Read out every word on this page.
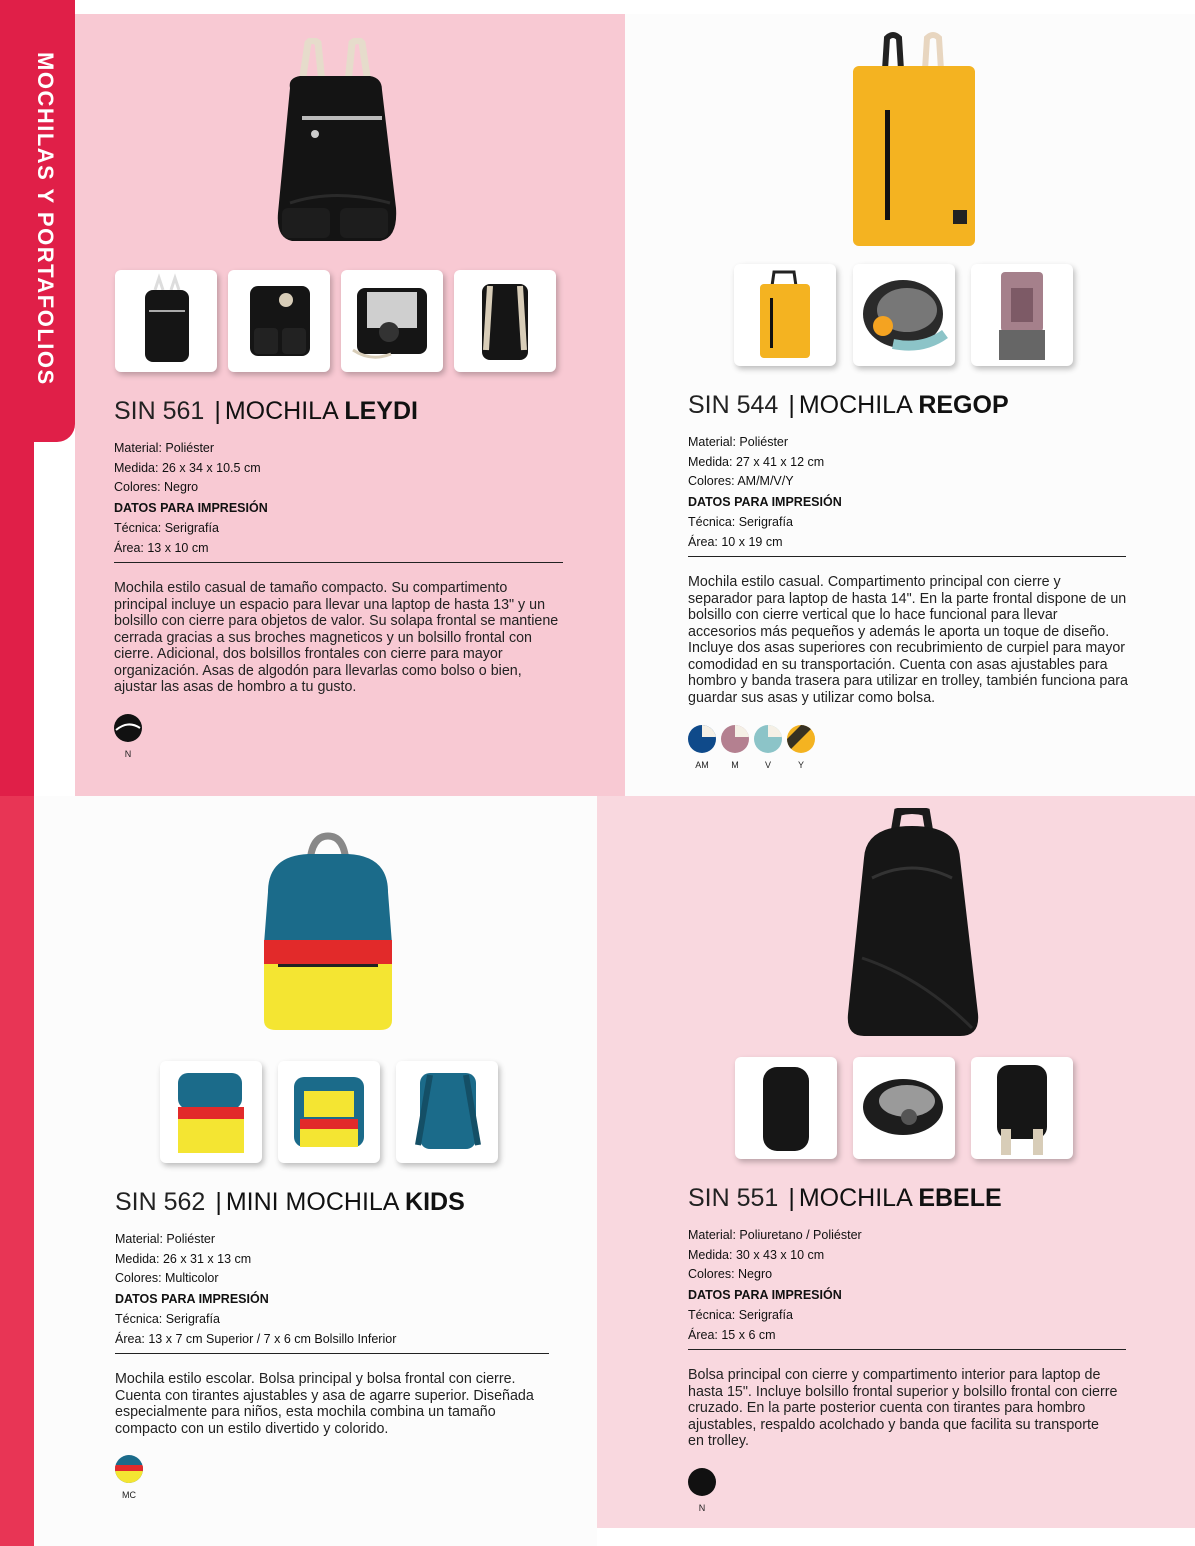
MOCHILAS Y PORTAFOLIOS
SIN 561 | MOCHILA LEYDI
Material: Poliéster
Medida: 26 x 34 x 10.5 cm
Colores: Negro
DATOS PARA IMPRESIÓN
Técnica: Serigrafía
Área: 13 x 10 cm
Mochila estilo casual de tamaño compacto. Su compartimento principal incluye un espacio para llevar una laptop de hasta 13" y un bolsillo con cierre para objetos de valor. Su solapa frontal se mantiene cerrada gracias a sus broches magneticos y un bolsillo frontal con cierre. Adicional, dos bolsillos frontales con cierre para mayor organización. Asas de algodón para llevarlas como bolso o bien, ajustar las asas de hombro a tu gusto.
N
SIN 544 | MOCHILA REGOP
Material: Poliéster
Medida: 27 x 41 x 12 cm
Colores: AM/M/V/Y
DATOS PARA IMPRESIÓN
Técnica: Serigrafía
Área: 10 x 19 cm
Mochila estilo casual. Compartimento principal con cierre y separador para laptop de hasta 14". En la parte frontal dispone de un bolsillo con cierre vertical que lo hace funcional para llevar accesorios más pequeños y además le aporta un toque de diseño. Incluye dos asas superiores con recubrimiento de curpiel para mayor comodidad en su transportación. Cuenta con asas ajustables para hombro y banda trasera para utilizar en trolley, también funciona para guardar sus asas y utilizar como bolsa.
AM	M	V	Y
SIN 562 | MINI MOCHILA KIDS
Material: Poliéster
Medida: 26 x 31 x 13 cm
Colores: Multicolor
DATOS PARA IMPRESIÓN
Técnica: Serigrafía
Área: 13 x 7 cm Superior / 7 x 6 cm Bolsillo Inferior
Mochila estilo escolar. Bolsa principal y bolsa frontal con cierre. Cuenta con tirantes ajustables y asa de agarre superior. Diseñada especialmente para niños, esta mochila combina un tamaño compacto con un estilo divertido y colorido.
MC
SIN 551 | MOCHILA EBELE
Material: Poliuretano / Poliéster
Medida: 30 x 43 x 10 cm
Colores: Negro
DATOS PARA IMPRESIÓN
Técnica: Serigrafía
Área: 15 x 6 cm
Bolsa principal con cierre y compartimento interior para laptop de hasta 15". Incluye bolsillo frontal superior y bolsillo frontal con cierre cruzado. En la parte posterior cuenta con tirantes para hombro ajustables, respaldo acolchado y banda que facilita su transporte en trolley.
N
